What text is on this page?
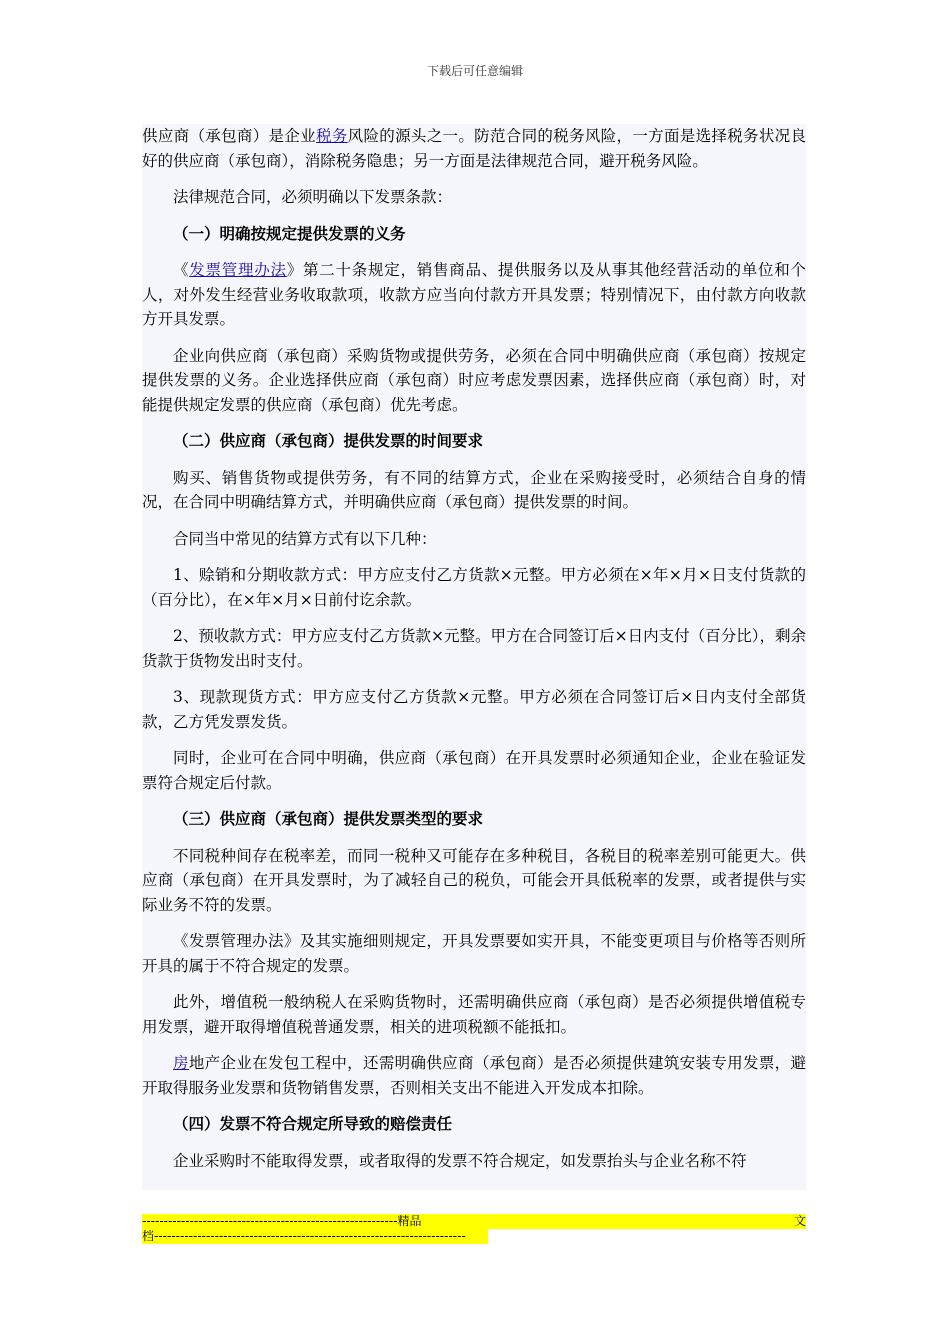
下载后可任意编辑

供应商（承包商）是企业税务风险的源头之一。防范合同的税务风险，一方面是选择税务状况良好的供应商（承包商），消除税务隐患；另一方面是法律规范合同，避开税务风险。

法律规范合同，必须明确以下发票条款：

（一）明确按规定提供发票的义务

《发票管理办法》第二十条规定，销售商品、提供服务以及从事其他经营活动的单位和个人，对外发生经营业务收取款项，收款方应当向付款方开具发票；特别情况下，由付款方向收款方开具发票。

企业向供应商（承包商）采购货物或提供劳务，必须在合同中明确供应商（承包商）按规定提供发票的义务。企业选择供应商（承包商）时应考虑发票因素，选择供应商（承包商）时，对能提供规定发票的供应商（承包商）优先考虑。

（二）供应商（承包商）提供发票的时间要求

购买、销售货物或提供劳务，有不同的结算方式，企业在采购接受时，必须结合自身的情况，在合同中明确结算方式，并明确供应商（承包商）提供发票的时间。

合同当中常见的结算方式有以下几种：

1、赊销和分期收款方式：甲方应支付乙方货款×元整。甲方必须在×年×月×日支付货款的（百分比），在×年×月×日前付讫余款。

2、预收款方式：甲方应支付乙方货款×元整。甲方在合同签订后×日内支付（百分比），剩余货款于货物发出时支付。

3、现款现货方式：甲方应支付乙方货款×元整。甲方必须在合同签订后×日内支付全部货款，乙方凭发票发货。

同时，企业可在合同中明确，供应商（承包商）在开具发票时必须通知企业，企业在验证发票符合规定后付款。

（三）供应商（承包商）提供发票类型的要求

不同税种间存在税率差，而同一税种又可能存在多种税目，各税目的税率差别可能更大。供应商（承包商）在开具发票时，为了减轻自己的税负，可能会开具低税率的发票，或者提供与实际业务不符的发票。

《发票管理办法》及其实施细则规定，开具发票要如实开具，不能变更项目与价格等否则所开具的属于不符合规定的发票。

此外，增值税一般纳税人在采购货物时，还需明确供应商（承包商）是否必须提供增值税专用发票，避开取得增值税普通发票，相关的进项税额不能抵扣。

房地产企业在发包工程中，还需明确供应商（承包商）是否必须提供建筑安装专用发票，避开取得服务业发票和货物销售发票，否则相关支出不能进入开发成本扣除。

（四）发票不符合规定所导致的赔偿责任

企业采购时不能取得发票，或者取得的发票不符合规定，如发票抬头与企业名称不符

----------------------------------------------------------- 精 品	文
档------------------------------------------------------------------------
